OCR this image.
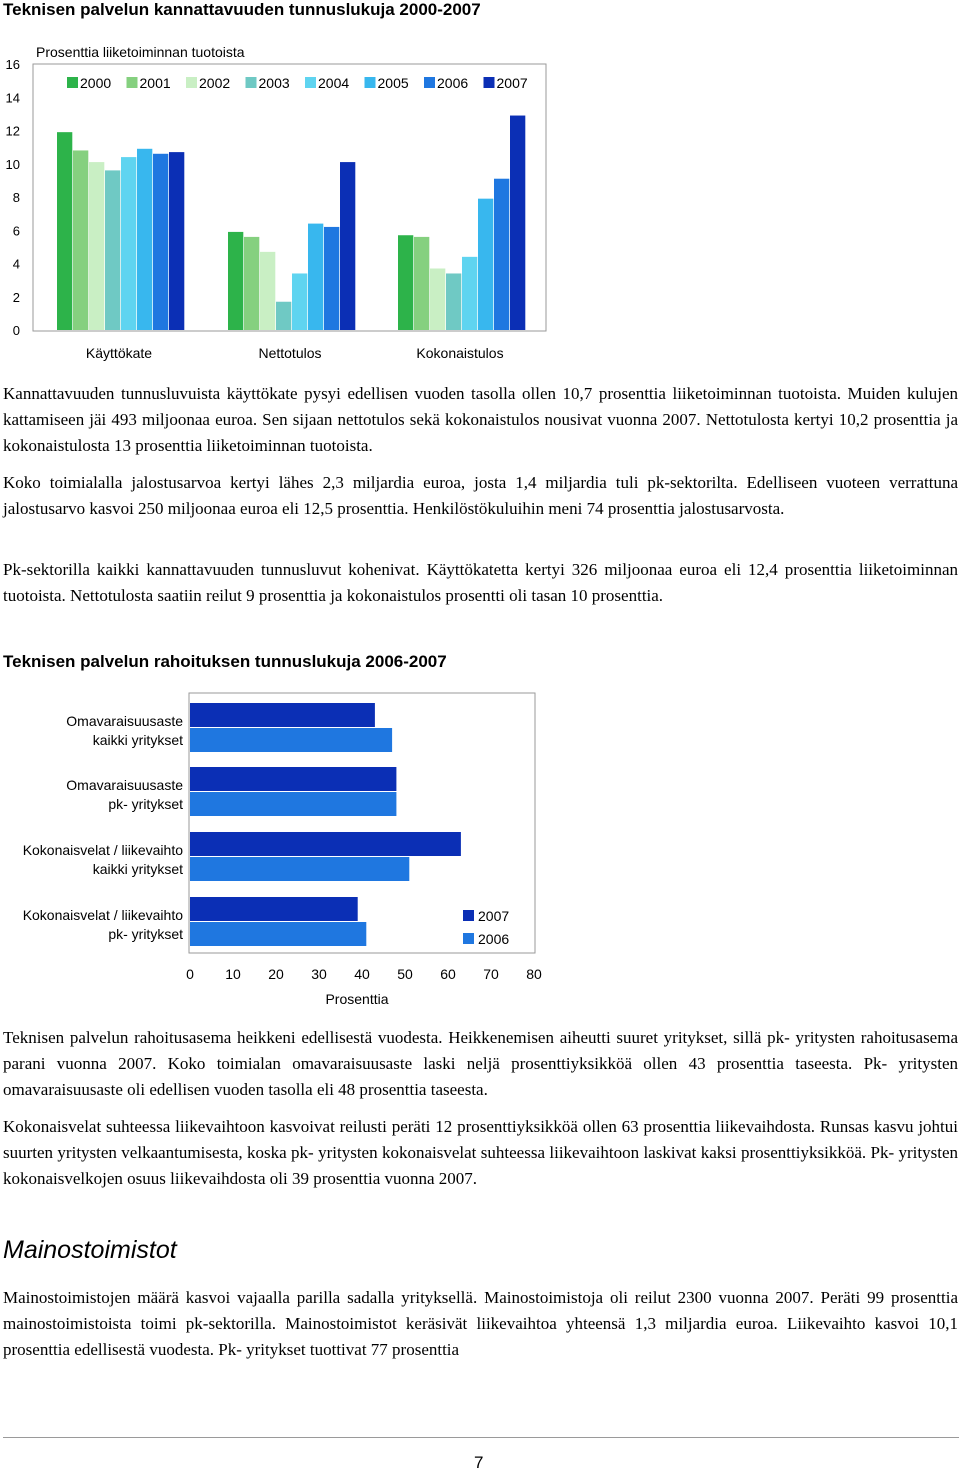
Teknisen palvelun kannattavuuden tunnuslukuja 2000-2007
Prosenttia liiketoiminnan tuotoista
2000 2001 2002 2003 2004 2005 2006 2007
0
2
4
6
8
10
12
14
16
Käyttökate	Nettotulos	Kokonaistulos

Kannattavuuden tunnusluvuista käyttökate pysyi edellisen vuoden tasolla ollen 10,7 prosenttia liiketoiminnan tuotoista. Muiden kulujen kattamiseen jäi 493 miljoonaa euroa. Sen sijaan nettotulos sekä kokonaistulos nousivat vuonna 2007. Nettotulosta kertyi 10,2 prosenttia ja kokonaistulosta 13 prosenttia liiketoiminnan tuotoista.

Koko toimialalla jalostusarvoa kertyi lähes 2,3 miljardia euroa, josta 1,4 miljardia tuli pk-sektorilta. Edelliseen vuoteen verrattuna jalostusarvo kasvoi 250 miljoonaa euroa eli 12,5 prosenttia. Henkilöstökuluihin meni 74 prosenttia jalostusarvosta.

Pk-sektorilla kaikki kannattavuuden tunnusluvut kohenivat. Käyttökatetta kertyi 326 miljoonaa euroa eli 12,4 prosenttia liiketoiminnan tuotoista. Nettotulosta saatiin reilut 9 prosenttia ja kokonaistulos prosentti oli tasan 10 prosenttia.

Teknisen palvelun rahoituksen tunnuslukuja 2006-2007
Omavaraisuusaste
kaikki yritykset
Omavaraisuusaste
pk- yritykset
Kokonaisvelat / liikevaihto
kaikki yritykset
Kokonaisvelat / liikevaihto
pk- yritykset
0 10 20 30 40 50 60 70 80
Prosenttia
2007
2006

Teknisen palvelun rahoitusasema heikkeni edellisestä vuodesta. Heikkenemisen aiheutti suuret yritykset, sillä pk- yritysten rahoitusasema parani vuonna 2007. Koko toimialan omavaraisuusaste laski neljä prosenttiyksikköä ollen 43 prosenttia taseesta. Pk- yritysten omavaraisuusaste oli edellisen vuoden tasolla eli 48 prosenttia taseesta.

Kokonaisvelat suhteessa liikevaihtoon kasvoivat reilusti peräti 12 prosenttiyksikköä ollen 63 prosenttia liikevaihdosta. Runsas kasvu johtui suurten yritysten velkaantumisesta, koska pk- yritysten kokonaisvelat suhteessa liikevaihtoon laskivat kaksi prosenttiyksikköä. Pk- yritysten kokonaisvelkojen osuus liikevaihdosta oli 39 prosenttia vuonna 2007.

Mainostoimistot

Mainostoimistojen määrä kasvoi vajaalla parilla sadalla yrityksellä. Mainostoimistoja oli reilut 2300 vuonna 2007. Peräti 99 prosenttia mainostoimistoista toimi pk-sektorilla. Mainostoimistot keräsivät liikevaihtoa yhteensä 1,3 miljardia euroa. Liikevaihto kasvoi 10,1 prosenttia edellisestä vuodesta. Pk- yritykset tuottivat 77 prosenttia

7
